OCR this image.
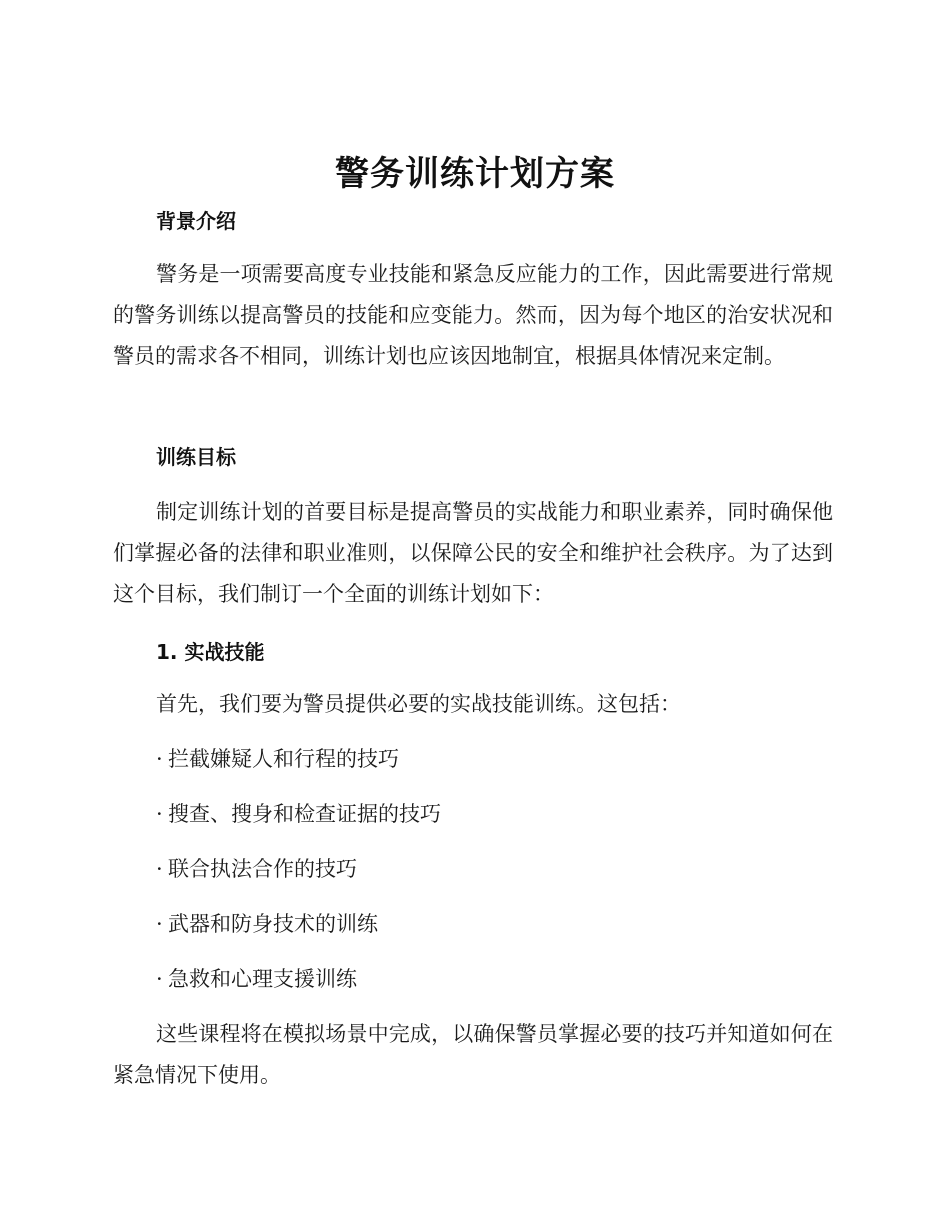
警务训练计划方案
背景介绍

警务是一项需要高度专业技能和紧急反应能力的工作，因此需要进行常规的警务训练以提高警员的技能和应变能力。然而，因为每个地区的治安状况和警员的需求各不相同，训练计划也应该因地制宜，根据具体情况来定制。

训练目标

制定训练计划的首要目标是提高警员的实战能力和职业素养，同时确保他们掌握必备的法律和职业准则，以保障公民的安全和维护社会秩序。为了达到这个目标，我们制订一个全面的训练计划如下：

1. 实战技能
首先，我们要为警员提供必要的实战技能训练。这包括：
· 拦截嫌疑人和行程的技巧
· 搜查、搜身和检查证据的技巧
· 联合执法合作的技巧
· 武器和防身技术的训练
· 急救和心理支援训练

这些课程将在模拟场景中完成，以确保警员掌握必要的技巧并知道如何在紧急情况下使用。
